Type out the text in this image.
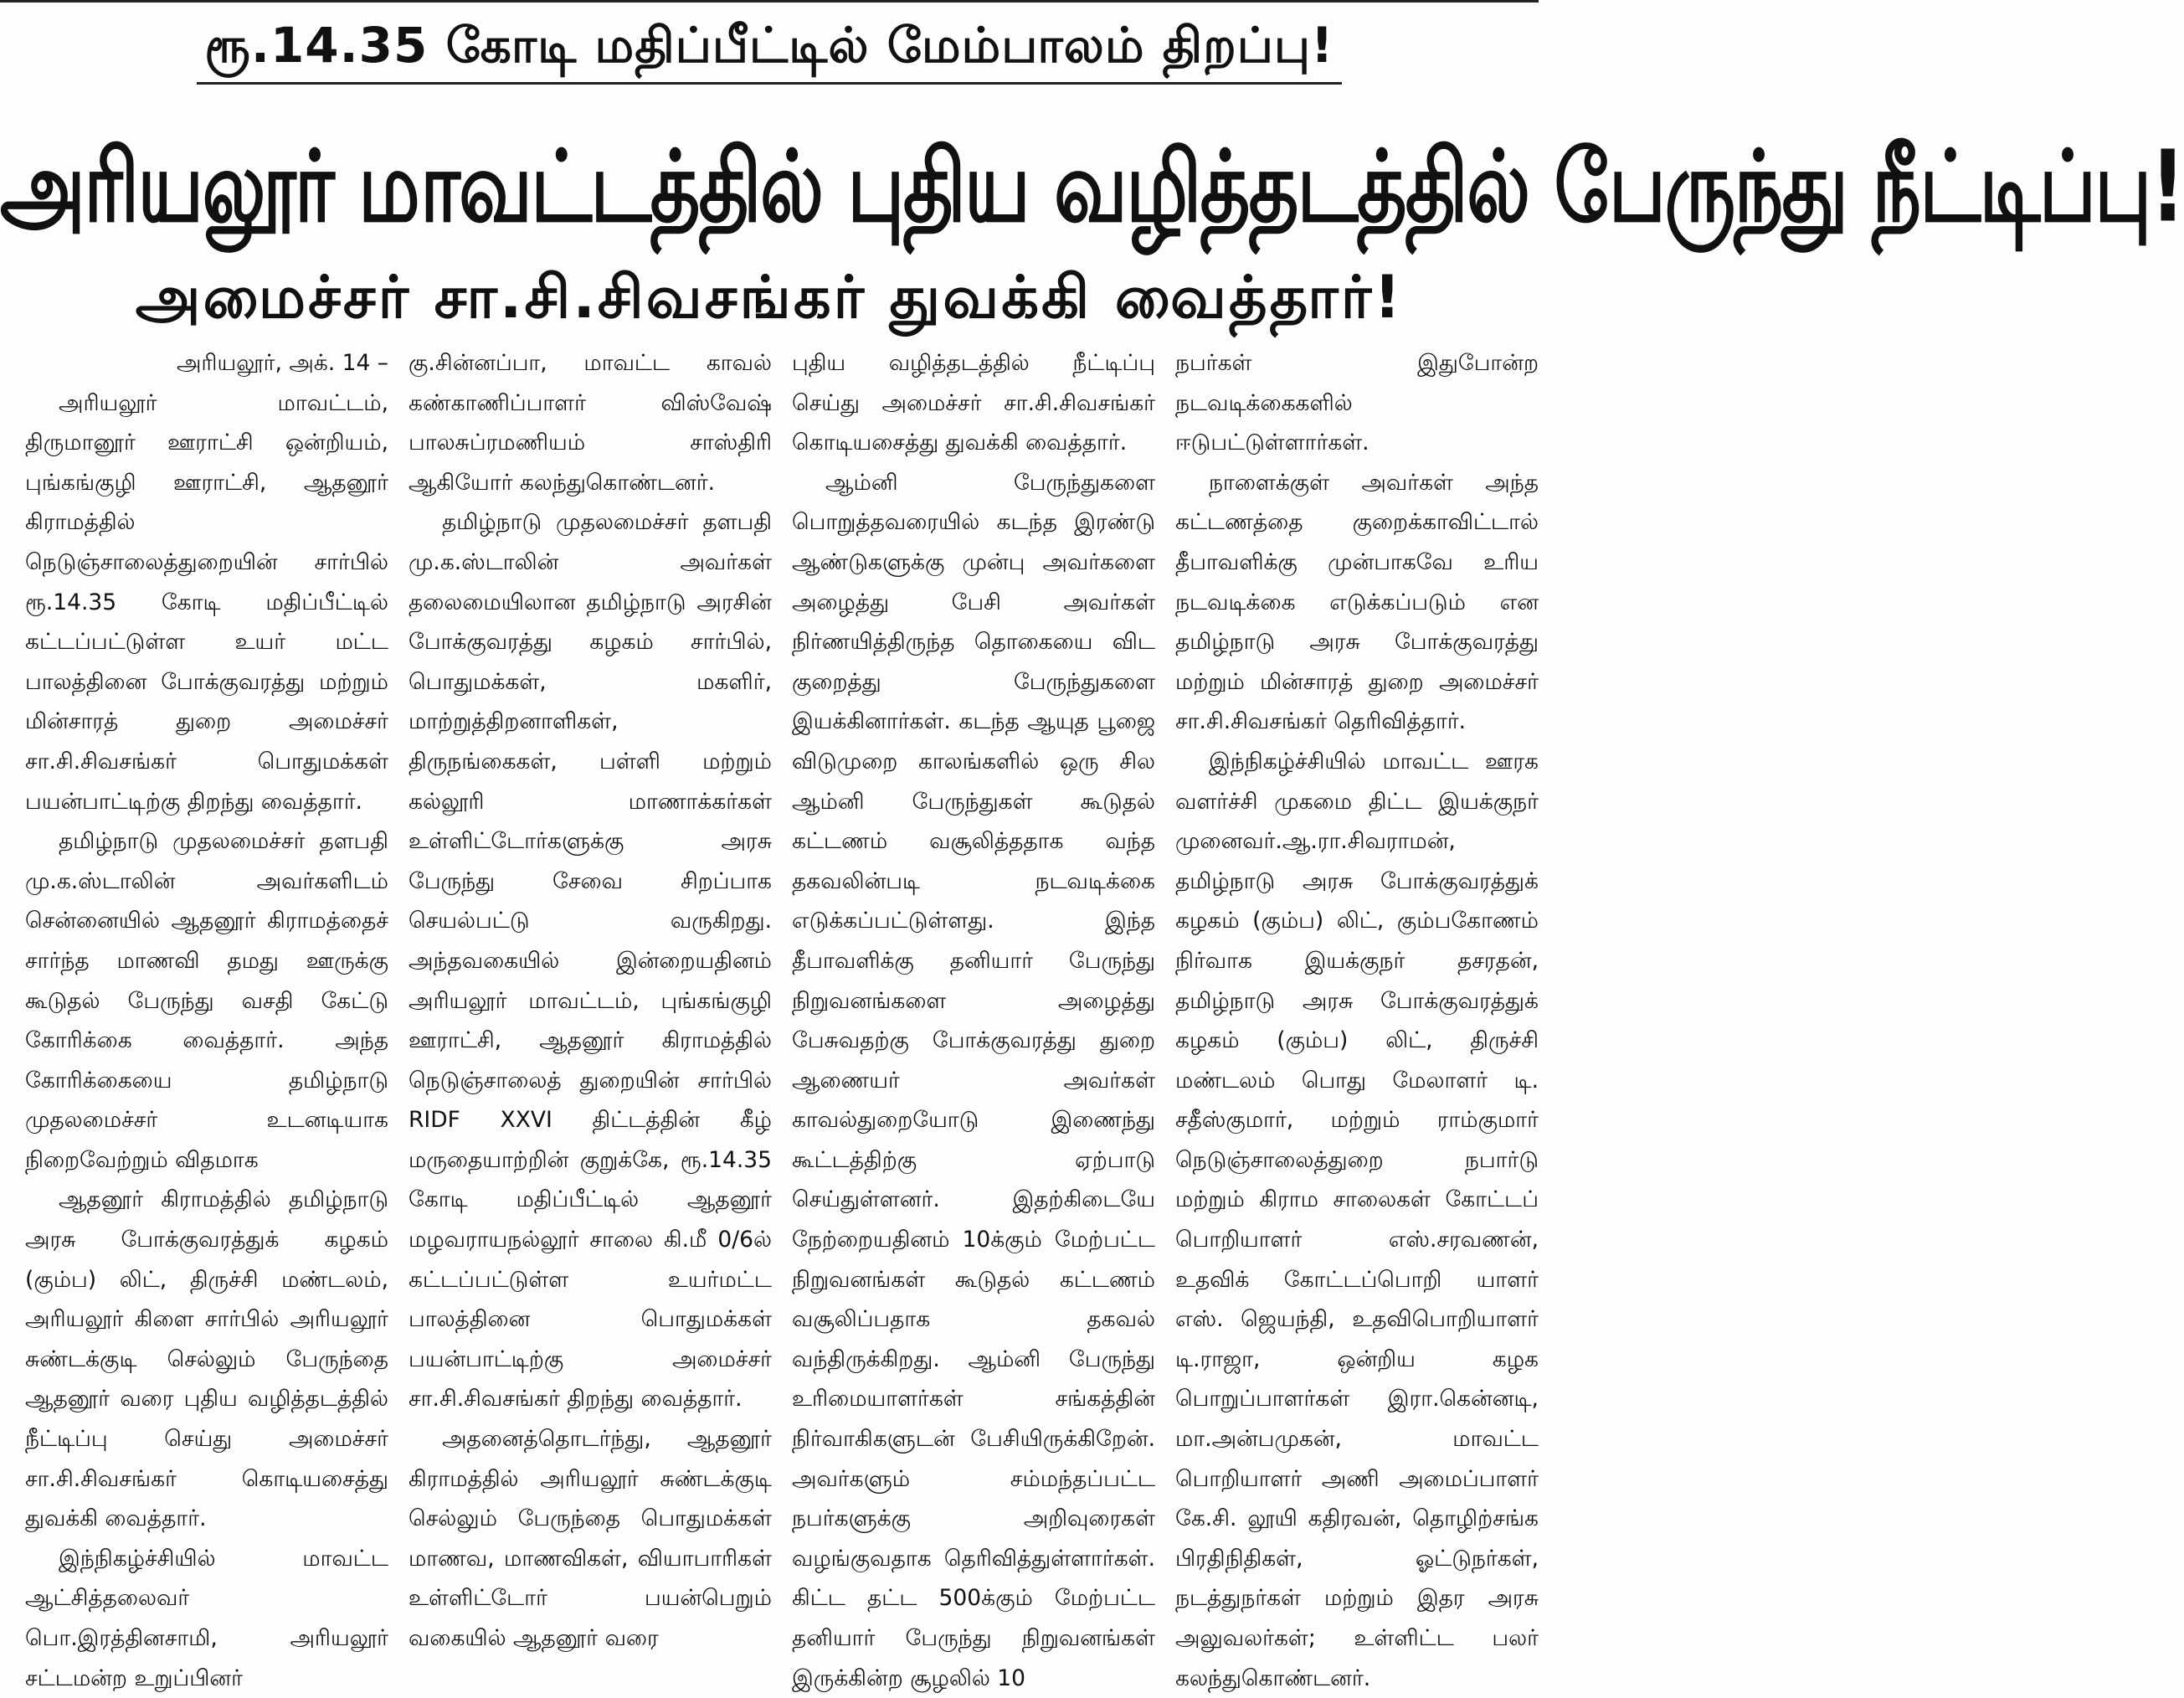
ரூ.14.35 கோடி மதிப்பீட்டில் மேம்பாலம் திறப்பு!
அரியலூர் மாவட்டத்தில் புதிய வழித்தடத்தில் பேருந்து நீட்டிப்பு!
அமைச்சர் சா.சி.சிவசங்கர் துவக்கி வைத்தார்!

அரியலூர், அக். 14 –

அரியலூர் மாவட்டம், திருமானூர் ஊராட்சி ஒன்றியம், புங்கங்குழி ஊராட்சி, ஆதனூர் கிராமத்தில் நெடுஞ்சாலைத்துறையின் சார்பில் ரூ.14.35 கோடி மதிப்பீட்டில் கட்டப்பட்டுள்ள உயர் மட்ட பாலத்தினை போக்குவரத்து மற்றும் மின்சாரத் துறை அமைச்சர் சா.சி.சிவசங்கர் பொதுமக்கள் பயன்பாட்டிற்கு திறந்து வைத்தார்.

தமிழ்நாடு முதலமைச்சர் தளபதி மு.க.ஸ்டாலின் அவர்களிடம் சென்னையில் ஆதனூர் கிராமத்தைச் சார்ந்த மாணவி தமது ஊருக்கு கூடுதல் பேருந்து வசதி கேட்டு கோரிக்கை வைத்தார். அந்த கோரிக்கையை தமிழ்நாடு முதலமைச்சர் உடனடியாக நிறைவேற்றும் விதமாக

ஆதனூர் கிராமத்தில் தமிழ்நாடு அரசு போக்குவரத்துக் கழகம் (கும்ப) லிட், திருச்சி மண்டலம், அரியலூர் கிளை சார்பில் அரியலூர் சுண்டக்குடி செல்லும் பேருந்தை ஆதனூர் வரை புதிய வழித்தடத்தில் நீட்டிப்பு செய்து அமைச்சர் சா.சி.சிவசங்கர் கொடியசைத்து துவக்கி வைத்தார்.

இந்நிகழ்ச்சியில் மாவட்ட ஆட்சித்தலைவர் பொ.இரத்தினசாமி, அரியலூர் சட்டமன்ற உறுப்பினர்

கு.சின்னப்பா, மாவட்ட காவல் கண்காணிப்பாளர் விஸ்வேஷ் பாலசுப்ரமணியம் சாஸ்திரி ஆகியோர் கலந்துகொண்டனர்.

தமிழ்நாடு முதலமைச்சர் தளபதி மு.க.ஸ்டாலின் அவர்கள் தலைமையிலான தமிழ்நாடு அரசின் போக்குவரத்து கழகம் சார்பில், பொதுமக்கள், மகளிர், மாற்றுத்திறனாளிகள், திருநங்கைகள், பள்ளி மற்றும் கல்லூரி மாணாக்கர்கள் உள்ளிட்டோர்களுக்கு அரசு பேருந்து சேவை சிறப்பாக செயல்பட்டு வருகிறது. அந்தவகையில் இன்றையதினம் அரியலூர் மாவட்டம், புங்கங்குழி ஊராட்சி, ஆதனூர் கிராமத்தில் நெடுஞ்சாலைத் துறையின் சார்பில் RIDF XXVI திட்டத்தின் கீழ் மருதையாற்றின் குறுக்கே, ரூ.14.35 கோடி மதிப்பீட்டில் ஆதனூர் மழவராயநல்லூர் சாலை கி.மீ 0/6ல் கட்டப்பட்டுள்ள உயர்மட்ட பாலத்தினை பொதுமக்கள் பயன்பாட்டிற்கு அமைச்சர் சா.சி.சிவசங்கர் திறந்து வைத்தார்.

அதனைத்தொடர்ந்து, ஆதனூர் கிராமத்தில் அரியலூர் சுண்டக்குடி செல்லும் பேருந்தை பொதுமக்கள் மாணவ, மாணவிகள், வியாபாரிகள் உள்ளிட்டோர் பயன்பெறும் வகையில் ஆதனூர் வரை

புதிய வழித்தடத்தில் நீட்டிப்பு செய்து அமைச்சர் சா.சி.சிவசங்கர் கொடியசைத்து துவக்கி வைத்தார்.

ஆம்னி பேருந்துகளை பொறுத்தவரையில் கடந்த இரண்டு ஆண்டுகளுக்கு முன்பு அவர்களை அழைத்து பேசி அவர்கள் நிர்ணயித்திருந்த தொகையை விட குறைத்து பேருந்துகளை இயக்கினார்கள். கடந்த ஆயுத பூஜை விடுமுறை காலங்களில் ஒரு சில ஆம்னி பேருந்துகள் கூடுதல் கட்டணம் வசூலித்ததாக வந்த தகவலின்படி நடவடிக்கை எடுக்கப்பட்டுள்ளது. இந்த தீபாவளிக்கு தனியார் பேருந்து நிறுவனங்களை அழைத்து பேசுவதற்கு போக்குவரத்து துறை ஆணையர் அவர்கள் காவல்துறையோடு இணைந்து கூட்டத்திற்கு ஏற்பாடு செய்துள்ளனர். இதற்கிடையே நேற்றையதினம் 10க்கும் மேற்பட்ட நிறுவனங்கள் கூடுதல் கட்டணம் வசூலிப்பதாக தகவல் வந்திருக்கிறது. ஆம்னி பேருந்து உரிமையாளர்கள் சங்கத்தின் நிர்வாகிகளுடன் பேசியிருக்கிறேன். அவர்களும் சம்மந்தப்பட்ட நபர்களுக்கு அறிவுரைகள் வழங்குவதாக தெரிவித்துள்ளார்கள். கிட்ட தட்ட 500க்கும் மேற்பட்ட தனியார் பேருந்து நிறுவனங்கள் இருக்கின்ற சூழலில் 10

நபர்கள் இதுபோன்ற நடவடிக்கைகளில் ஈடுபட்டுள்ளார்கள்.

நாளைக்குள் அவர்கள் அந்த கட்டணத்தை குறைக்காவிட்டால் தீபாவளிக்கு முன்பாகவே உரிய நடவடிக்கை எடுக்கப்படும் என தமிழ்நாடு அரசு போக்குவரத்து மற்றும் மின்சாரத் துறை அமைச்சர் சா.சி.சிவசங்கர் தெரிவித்தார்.

இந்நிகழ்ச்சியில் மாவட்ட ஊரக வளர்ச்சி முகமை திட்ட இயக்குநர் முனைவர்.ஆ.ரா.சிவராமன், தமிழ்நாடு அரசு போக்குவரத்துக் கழகம் (கும்ப) லிட், கும்பகோணம் நிர்வாக இயக்குநர் தசரதன், தமிழ்நாடு அரசு போக்குவரத்துக் கழகம் (கும்ப) லிட், திருச்சி மண்டலம் பொது மேலாளர் டி. சதீஸ்குமார், மற்றும் ராம்குமார் நெடுஞ்சாலைத்துறை நபார்டு மற்றும் கிராம சாலைகள் கோட்டப் பொறியாளர் எஸ்.சரவணன், உதவிக் கோட்டப்பொறி யாளர் எஸ். ஜெயந்தி, உதவிபொறியாளர் டி.ராஜா, ஒன்றிய கழக பொறுப்பாளர்கள் இரா.கென்னடி, மா.அன்பமுகன், மாவட்ட பொறியாளர் அணி அமைப்பாளர் கே.சி. லூயி கதிரவன், தொழிற்சங்க பிரதிநிதிகள், ஓட்டுநர்கள், நடத்துநர்கள் மற்றும் இதர அரசு அலுவலர்கள்; உள்ளிட்ட பலர் கலந்துகொண்டனர்.
